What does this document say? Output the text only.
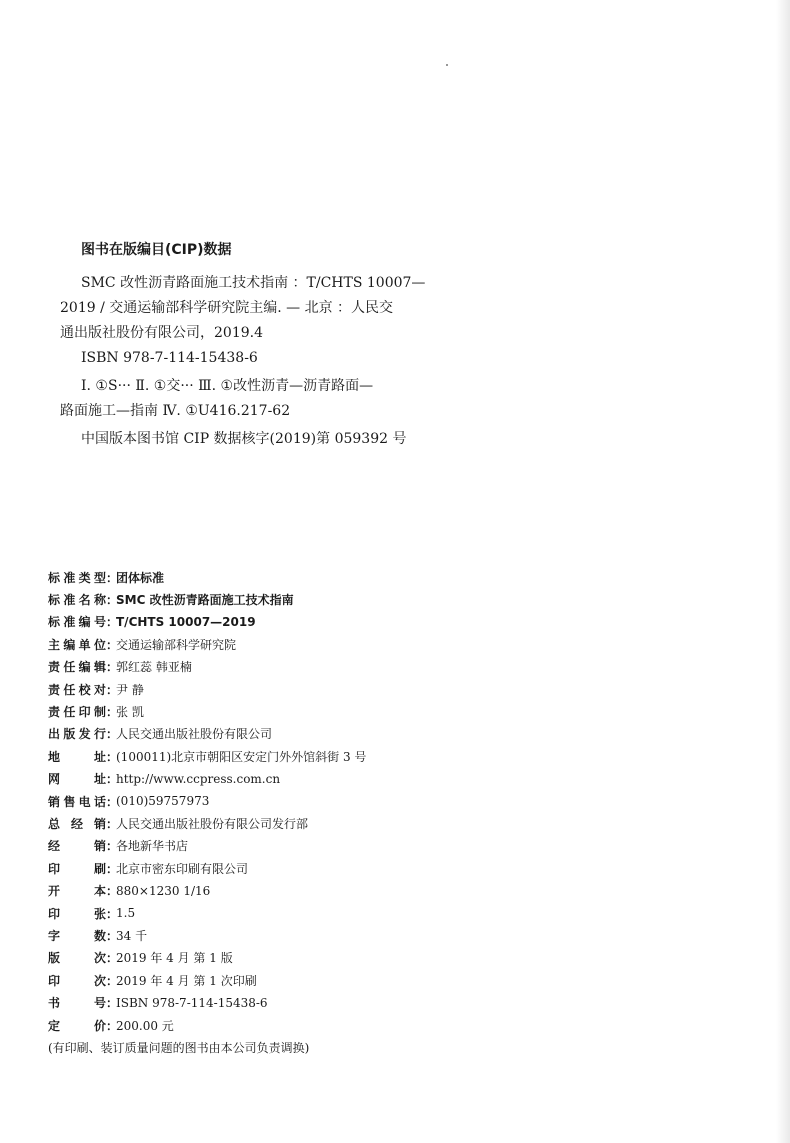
图书在版编目(CIP)数据
SMC 改性沥青路面施工技术指南 ：T/CHTS 10007—
2019 / 交通运输部科学研究院主编. — 北京 ：人民交
通出版社股份有限公司，2019.4
ISBN 978-7-114-15438-6
Ⅰ. ①S··· Ⅱ. ①交··· Ⅲ. ①改性沥青—沥青路面—
路面施工—指南 Ⅳ. ①U416.217-62
中国版本图书馆 CIP 数据核字(2019)第 059392 号
标 准 类 型 ：
团体标准
标 准 名 称 ：
SMC 改性沥青路面施工技术指南
标 准 编 号 ：
T/CHTS 10007—2019
主 编 单 位 ：
交通运输部科学研究院
责 任 编 辑 ：
郭红蕊 韩亚楠
责 任 校 对 ：
尹 静
责 任 印 制 ：
张 凯
出 版 发 行 ：
人民交通出版社股份有限公司
地	址 ：
(100011)北京市朝阳区安定门外外馆斜街 3 号
网	址 ：
http://www.ccpress.com.cn
销 售 电 话 ：
(010)59757973
总 经 销 ：
人民交通出版社股份有限公司发行部
经	销 ：
各地新华书店
印	刷 ：
北京市密东印刷有限公司
开	本 ：
880×1230 1/16
印	张 ：
1.5
字	数 ：
34 千
版	次 ：
2019 年 4 月 第 1 版
印	次 ：
2019 年 4 月 第 1 次印刷
书	号 ：
ISBN 978-7-114-15438-6
定	价 ：
200.00 元
(有印刷、装订质量问题的图书由本公司负责调换)
